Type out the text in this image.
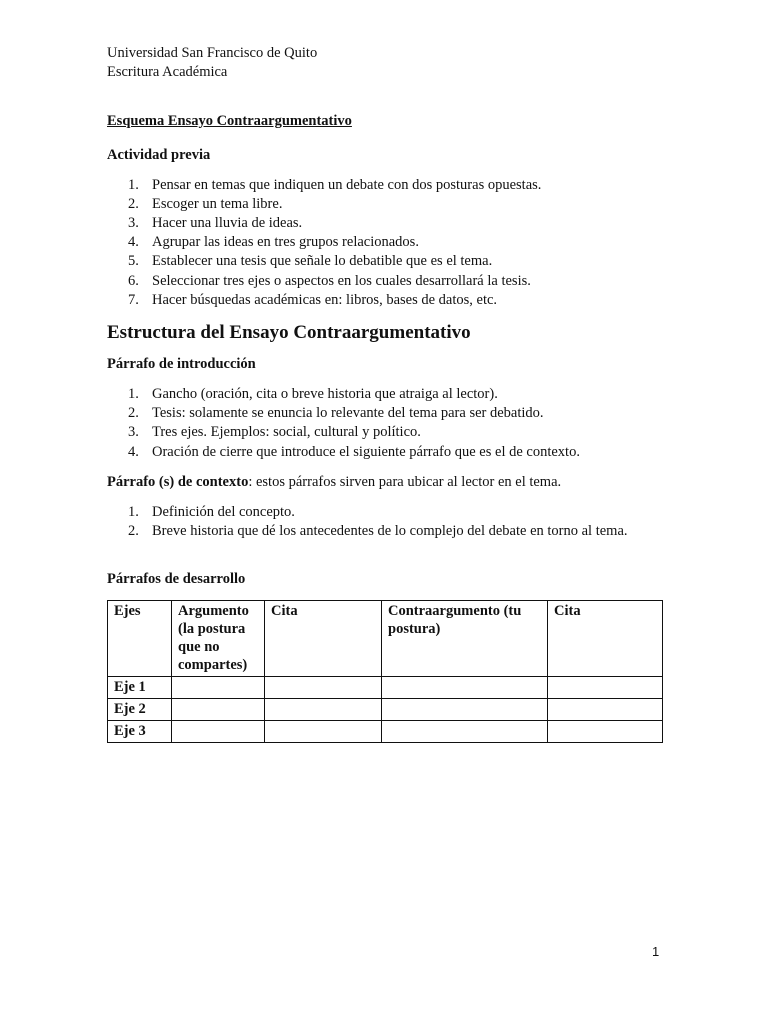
Universidad San Francisco de Quito

Escritura Académica

Esquema Ensayo Contraargumentativo

Actividad previa

1. Pensar en temas que indiquen un debate con dos posturas opuestas.
2. Escoger un tema libre.
3. Hacer una lluvia de ideas.
4. Agrupar las ideas en tres grupos relacionados.
5. Establecer una tesis que señale lo debatible que es el tema.
6. Seleccionar tres ejes o aspectos en los cuales desarrollará la tesis.
7. Hacer búsquedas académicas en: libros, bases de datos, etc.

Estructura del Ensayo Contraargumentativo

Párrafo de introducción

1. Gancho (oración, cita o breve historia que atraiga al lector).
2. Tesis: solamente se enuncia lo relevante del tema para ser debatido.
3. Tres ejes. Ejemplos: social, cultural y político.
4. Oración de cierre que introduce el siguiente párrafo que es el de contexto.

Párrafo (s) de contexto: estos párrafos sirven para ubicar al lector en el tema.

1. Definición del concepto.
2. Breve historia que dé los antecedentes de lo complejo del debate en torno al tema.

Párrafos de desarrollo

Ejes	Argumento (la postura que no compartes)	Cita	Contraargumento (tu postura)	Cita
Eje 1				
Eje 2				
Eje 3				
1
